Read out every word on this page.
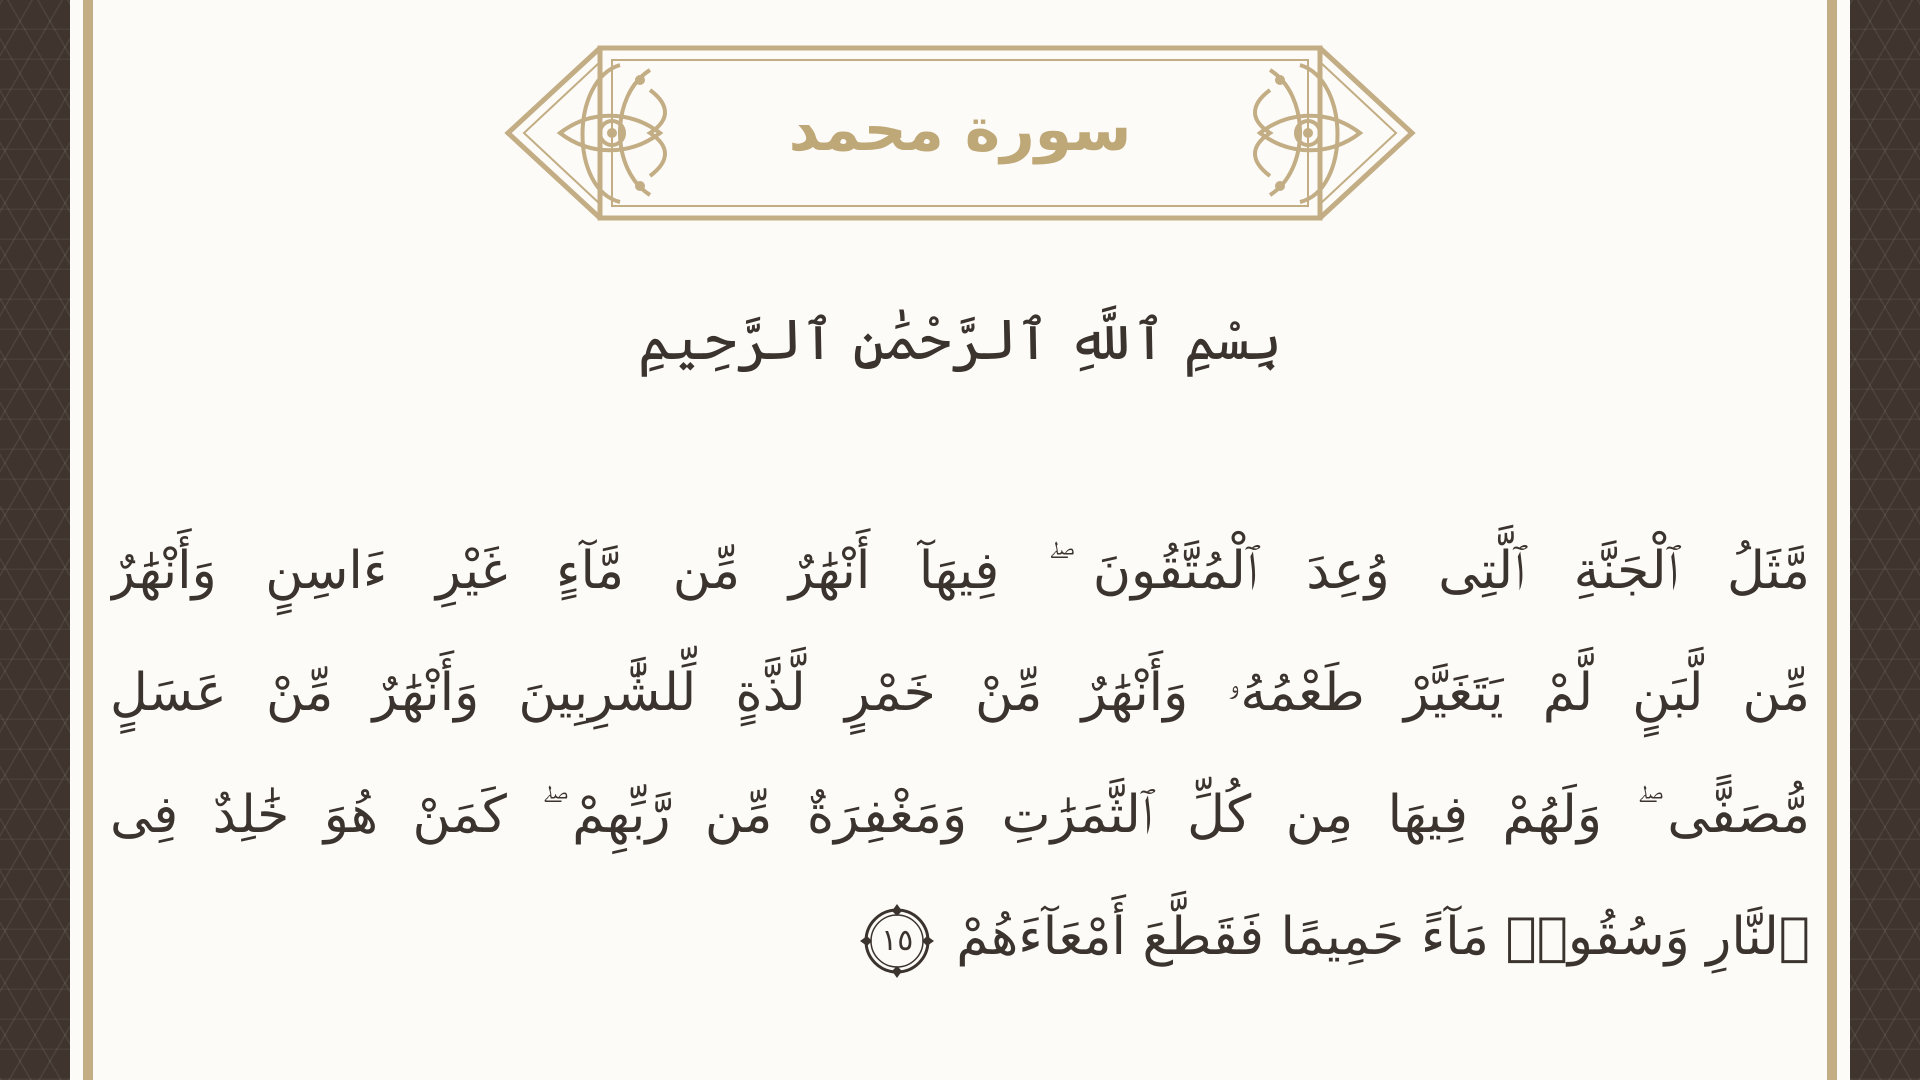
سورة محمد
بِسْمِ ٱللَّهِ ٱلرَّحْمَٰنِ ٱلرَّحِيمِ
مَّثَلُ ٱلْجَنَّةِ ٱلَّتِى وُعِدَ ٱلْمُتَّقُونَ ۖ فِيهَآ أَنْهَٰرٌ مِّن مَّآءٍ غَيْرِ ءَاسِنٍ وَأَنْهَٰرٌ
مِّن لَّبَنٍ لَّمْ يَتَغَيَّرْ طَعْمُهُۥ وَأَنْهَٰرٌ مِّنْ خَمْرٍ لَّذَّةٍ لِّلشَّٰرِبِينَ وَأَنْهَٰرٌ مِّنْ عَسَلٍ
مُّصَفًّى ۖ وَلَهُمْ فِيهَا مِن كُلِّ ٱلثَّمَرَٰتِ وَمَغْفِرَةٌ مِّن رَّبِّهِمْ ۖ كَمَنْ هُوَ خَٰلِدٌ فِى
ٱلنَّارِ وَسُقُوا۟ مَآءً حَمِيمًا فَقَطَّعَ أَمْعَآءَهُمْ
١٥
